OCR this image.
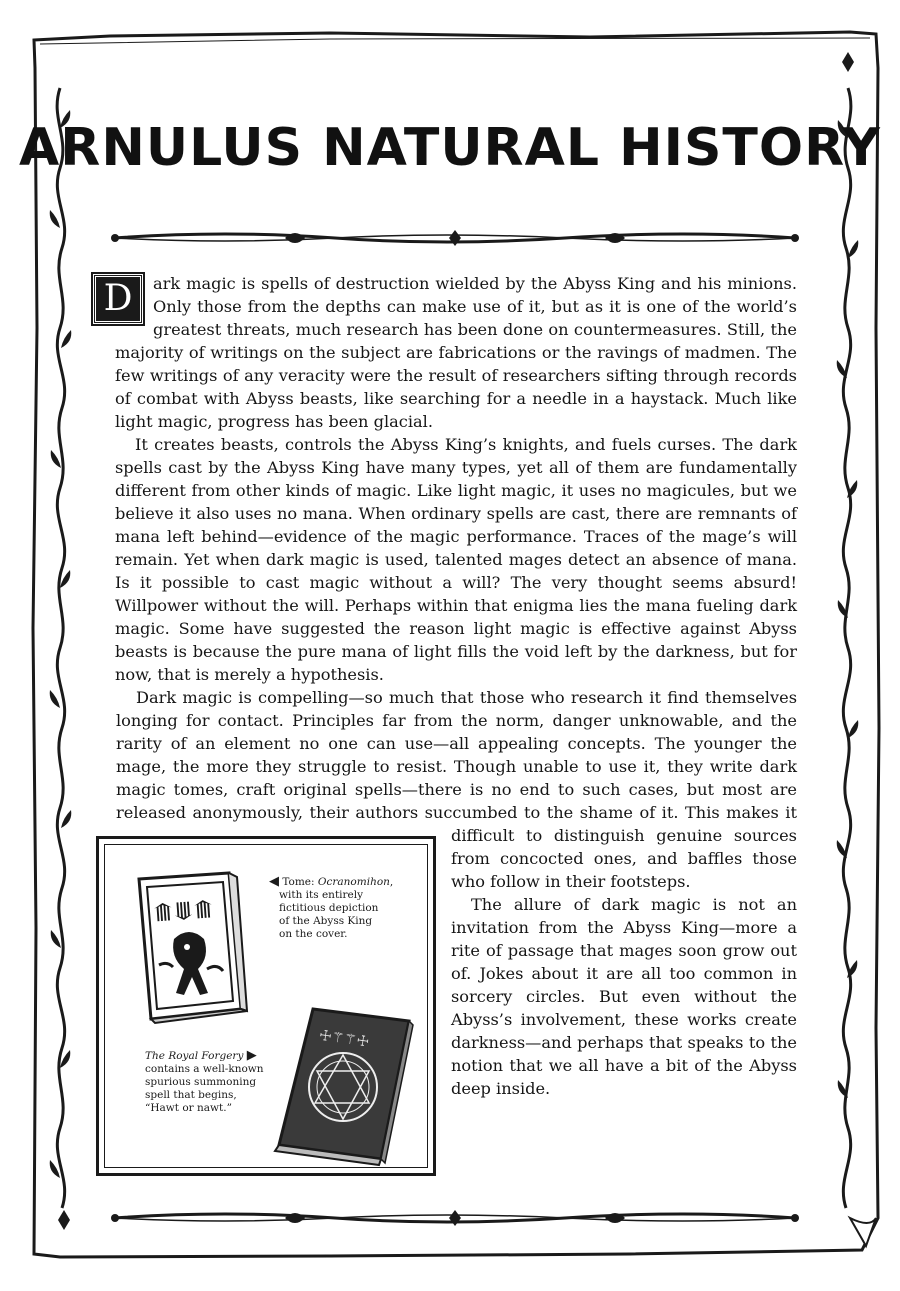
ARNULUS NATURAL HISTORY

D	ark magic is spells of destruction wielded by the Abyss King and his minions. Only those from the depths can make use of it, but as it is one of the world’s greatest threats, much research has been done on countermeasures. Still, the majority of writings on the subject are fabrications or the ravings of madmen. The few writings of any veracity were the result of researchers sifting through records of combat with Abyss beasts, like searching for a needle in a haystack. Much like light magic, progress has been glacial.

It creates beasts, controls the Abyss King’s knights, and fuels curses. The dark spells cast by the Abyss King have many types, yet all of them are fundamentally different from other kinds of magic. Like light magic, it uses no magicules, but we believe it also uses no mana. When ordinary spells are cast, there are remnants of mana left behind—evidence of the magic performance. Traces of the mage’s will remain. Yet when dark magic is used, talented mages detect an absence of mana. Is it possible to cast magic without a will? The very thought seems absurd! Willpower without the will. Perhaps within that enigma lies the mana fueling dark magic. Some have suggested the reason light magic is effective against Abyss beasts is because the pure mana of light fills the void left by the darkness, but for now, that is merely a hypothesis.

Dark magic is compelling—so much that those who research it find themselves longing for contact. Principles far from the norm, danger unknowable, and the rarity of an element no one can use—all appealing concepts. The younger the mage, the more they struggle to resist. Though unable to use it, they write dark magic tomes, craft original spells—there is no end to such cases, but most are released anonymously, their authors succumbed to the shame of it. This makes it difficult to distinguish genuine sources from concocted ones, and baffles those who follow in their footsteps.

The allure of dark magic is not an invitation from the Abyss King—more a rite of passage that mages soon grow out of. Jokes about it are all too common in sorcery circles. But even without the Abyss’s involvement, these works create darkness—and perhaps that speaks to the notion that we all have a bit of the Abyss deep inside.

⟰⟱⟰
◀ Tome: Ocranomihon,
with its entirely
fictitious depiction
of the Abyss King
on the cover.
☩⚚⚚☩
The Royal Forgery ▶
contains a well-known
spurious summoning
spell that begins,
“Hawt or nawt.”
